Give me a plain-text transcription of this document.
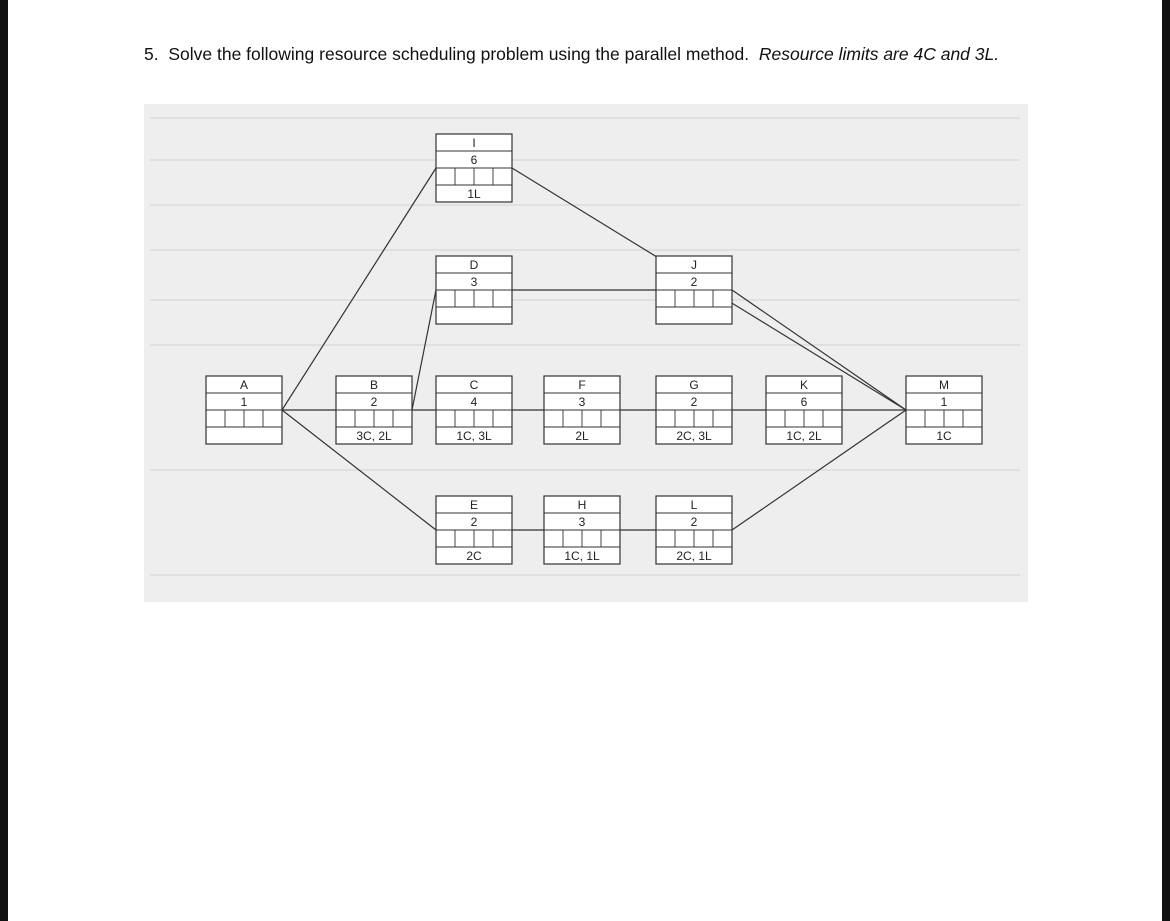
5. Solve the following resource scheduling problem using the parallel method. Resource limits are 4C and 3L.
A
1
I
6
1L
D
3
J
2
B
2
3C, 2L
C
4
1C, 3L
F
3
2L
G
2
2C, 3L
K
6
1C, 2L
M
1
1C
E
2
2C
H
3
1C, 1L
L
2
2C, 1L
